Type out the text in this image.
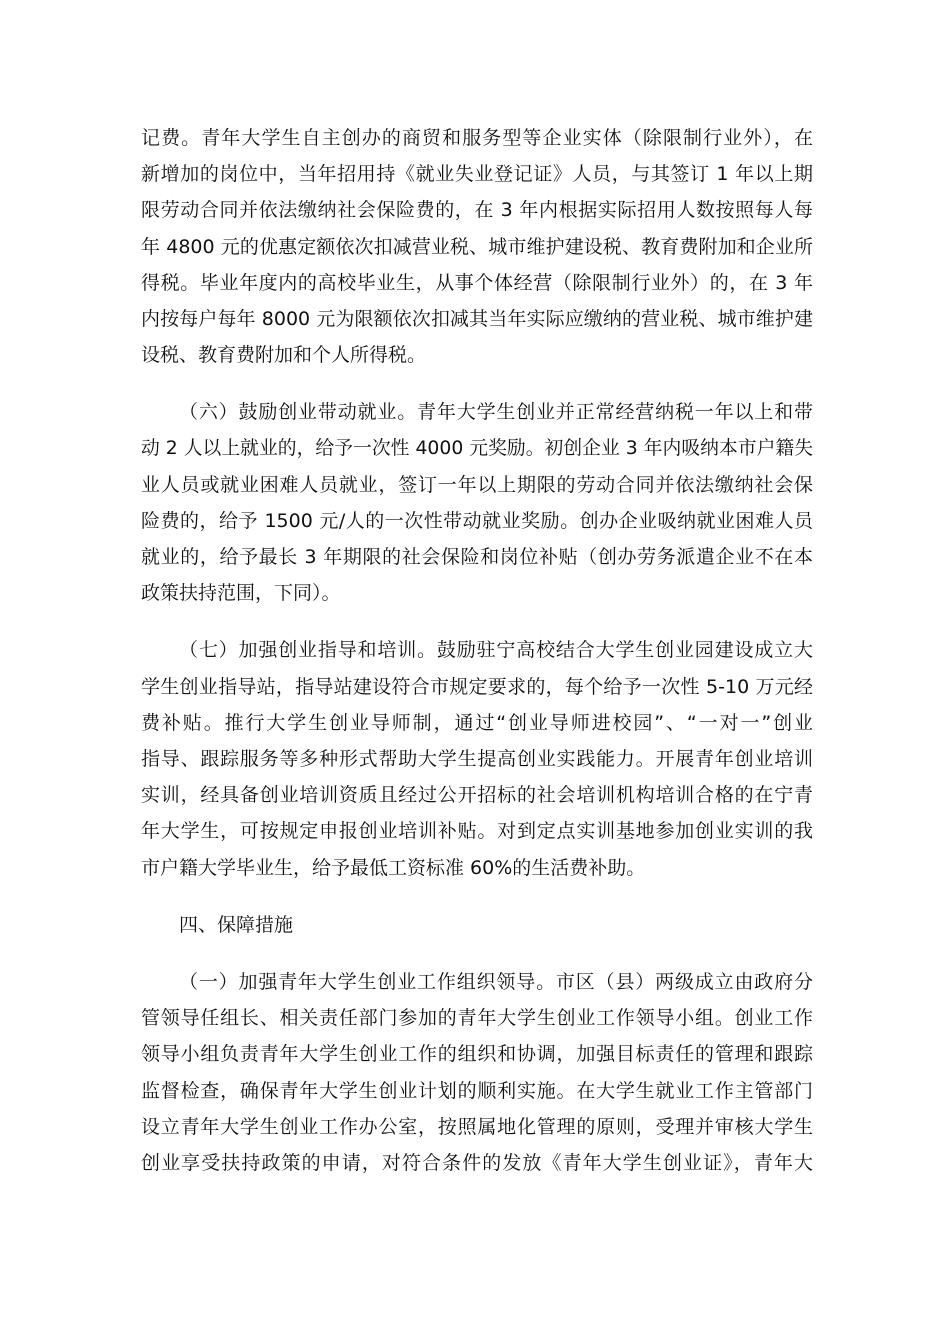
记费。青年大学生自主创办的商贸和服务型等企业实体（除限制行业外），在
新增加的岗位中，当年招用持《就业失业登记证》人员，与其签订 1 年以上期
限劳动合同并依法缴纳社会保险费的，在 3 年内根据实际招用人数按照每人每
年 4800 元的优惠定额依次扣减营业税、城市维护建设税、教育费附加和企业所
得税。毕业年度内的高校毕业生，从事个体经营（除限制行业外）的，在 3 年
内按每户每年 8000 元为限额依次扣减其当年实际应缴纳的营业税、城市维护建
设税、教育费附加和个人所得税。
（六）鼓励创业带动就业。青年大学生创业并正常经营纳税一年以上和带
动 2 人以上就业的，给予一次性 4000 元奖励。初创企业 3 年内吸纳本市户籍失
业人员或就业困难人员就业，签订一年以上期限的劳动合同并依法缴纳社会保
险费的，给予 1500 元/人的一次性带动就业奖励。创办企业吸纳就业困难人员
就业的，给予最长 3 年期限的社会保险和岗位补贴（创办劳务派遣企业不在本
政策扶持范围，下同）。
（七）加强创业指导和培训。鼓励驻宁高校结合大学生创业园建设成立大
学生创业指导站，指导站建设符合市规定要求的，每个给予一次性 5-10 万元经
费补贴。推行大学生创业导师制，通过“创业导师进校园”、“一对一”创业
指导、跟踪服务等多种形式帮助大学生提高创业实践能力。开展青年创业培训
实训，经具备创业培训资质且经过公开招标的社会培训机构培训合格的在宁青
年大学生，可按规定申报创业培训补贴。对到定点实训基地参加创业实训的我
市户籍大学毕业生，给予最低工资标准 60%的生活费补助。
四、保障措施
（一）加强青年大学生创业工作组织领导。市区（县）两级成立由政府分
管领导任组长、相关责任部门参加的青年大学生创业工作领导小组。创业工作
领导小组负责青年大学生创业工作的组织和协调，加强目标责任的管理和跟踪
监督检查，确保青年大学生创业计划的顺利实施。在大学生就业工作主管部门
设立青年大学生创业工作办公室，按照属地化管理的原则，受理并审核大学生
创业享受扶持政策的申请，对符合条件的发放《青年大学生创业证》，青年大
